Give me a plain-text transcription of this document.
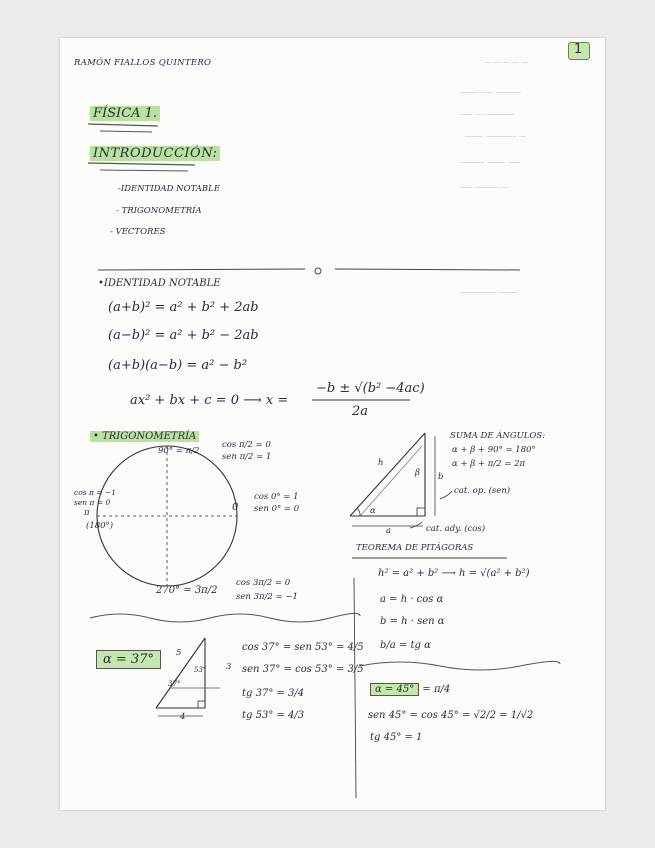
1
RAMÓN FIALLOS QUINTERO
FÍSICA 1.
INTRODUCCIÓN:
-IDENTIDAD NOTABLE
- TRIGONOMETRÍA
- VECTORES
─ ─ ─ ─ ─
─── ── ────
── ─ ─────
─── ───── ─
──── ─── ──
── ──── ─
────── ───
•IDENTIDAD NOTABLE
(a+b)² = a² + b² + 2ab
(a−b)² = a² + b² − 2ab
(a+b)(a−b) = a² − b²
ax² + bx + c = 0 ⟶ x =
−b ± √(b² −4ac)
2a
• TRIGONOMETRÍA
90° = π/2
cos π/2 = 0
sen π/2 = 1
cos π = −1
sen π = 0
π
(180°)
cos 0° = 1
sen 0° = 0
0
270° = 3π/2
cos 3π/2 = 0
sen 3π/2 = −1
SUMA DE ÁNGULOS:
α + β + 90° = 180°
α + β + π/2 = 2π
cat. op. (sen)
cat. ady. (cos)
h
b
a
α
β
TEOREMA DE PITÁGORAS
h² = a² + b² ⟶ h = √(a² + b²)
a = h · cos α
b = h · sen α
b/a = tg α
α = 37°	5
3
4
37°
53°
cos 37° = sen 53° = 4/5
sen 37° = cos 53° = 3/5
tg 37° = 3/4
tg 53° = 4/3
α = 45° = π/4
sen 45° = cos 45° = √2/2 = 1/√2
tg 45° = 1
